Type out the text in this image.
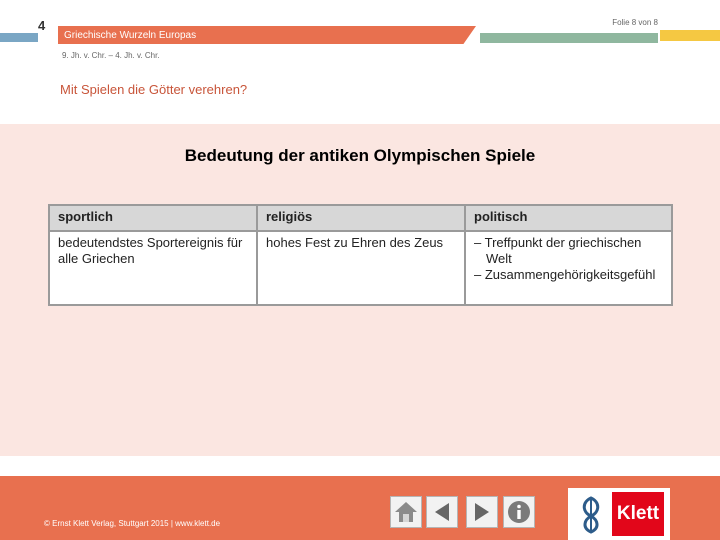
4
Griechische Wurzeln Europas
Folie 8 von 8
9. Jh. v. Chr. – 4. Jh. v. Chr.
Mit Spielen die Götter verehren?
Bedeutung der antiken Olympischen Spiele
sportlich	religiös	politisch
bedeutendstes Sportereignis für alle Griechen	hohes Fest zu Ehren des Zeus	– Treffpunkt der griechischen Welt
– Zusammengehörigkeitsgefühl
© Ernst Klett Verlag, Stuttgart 2015 | www.klett.de	Klett
